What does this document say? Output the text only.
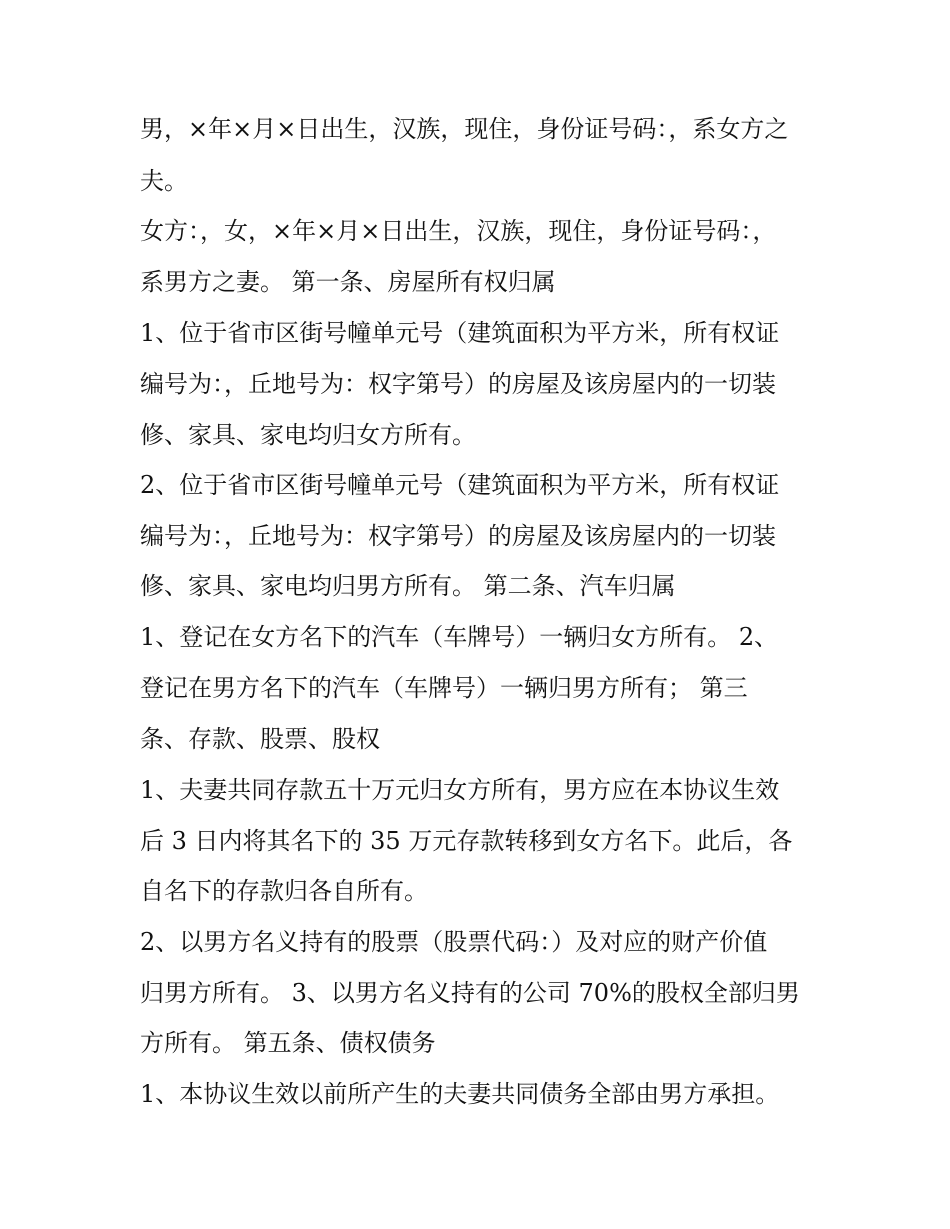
男，×年×月×日出生，汉族，现住，身份证号码：，系女方之
夫。
女方：，女，×年×月×日出生，汉族，现住，身份证号码：，
系男方之妻。 第一条、房屋所有权归属
1、位于省市区街号幢单元号（建筑面积为平方米，所有权证
编号为：，丘地号为：权字第号）的房屋及该房屋内的一切装
修、家具、家电均归女方所有。
2、位于省市区街号幢单元号（建筑面积为平方米，所有权证
编号为：，丘地号为：权字第号）的房屋及该房屋内的一切装
修、家具、家电均归男方所有。 第二条、汽车归属
1、登记在女方名下的汽车（车牌号）一辆归女方所有。 2、
登记在男方名下的汽车（车牌号）一辆归男方所有； 第三
条、存款、股票、股权
1、夫妻共同存款五十万元归女方所有，男方应在本协议生效
后 3 日内将其名下的 35 万元存款转移到女方名下。此后，各
自名下的存款归各自所有。
2、以男方名义持有的股票（股票代码：）及对应的财产价值
归男方所有。 3、以男方名义持有的公司 70%的股权全部归男
方所有。 第五条、债权债务
1、本协议生效以前所产生的夫妻共同债务全部由男方承担。
